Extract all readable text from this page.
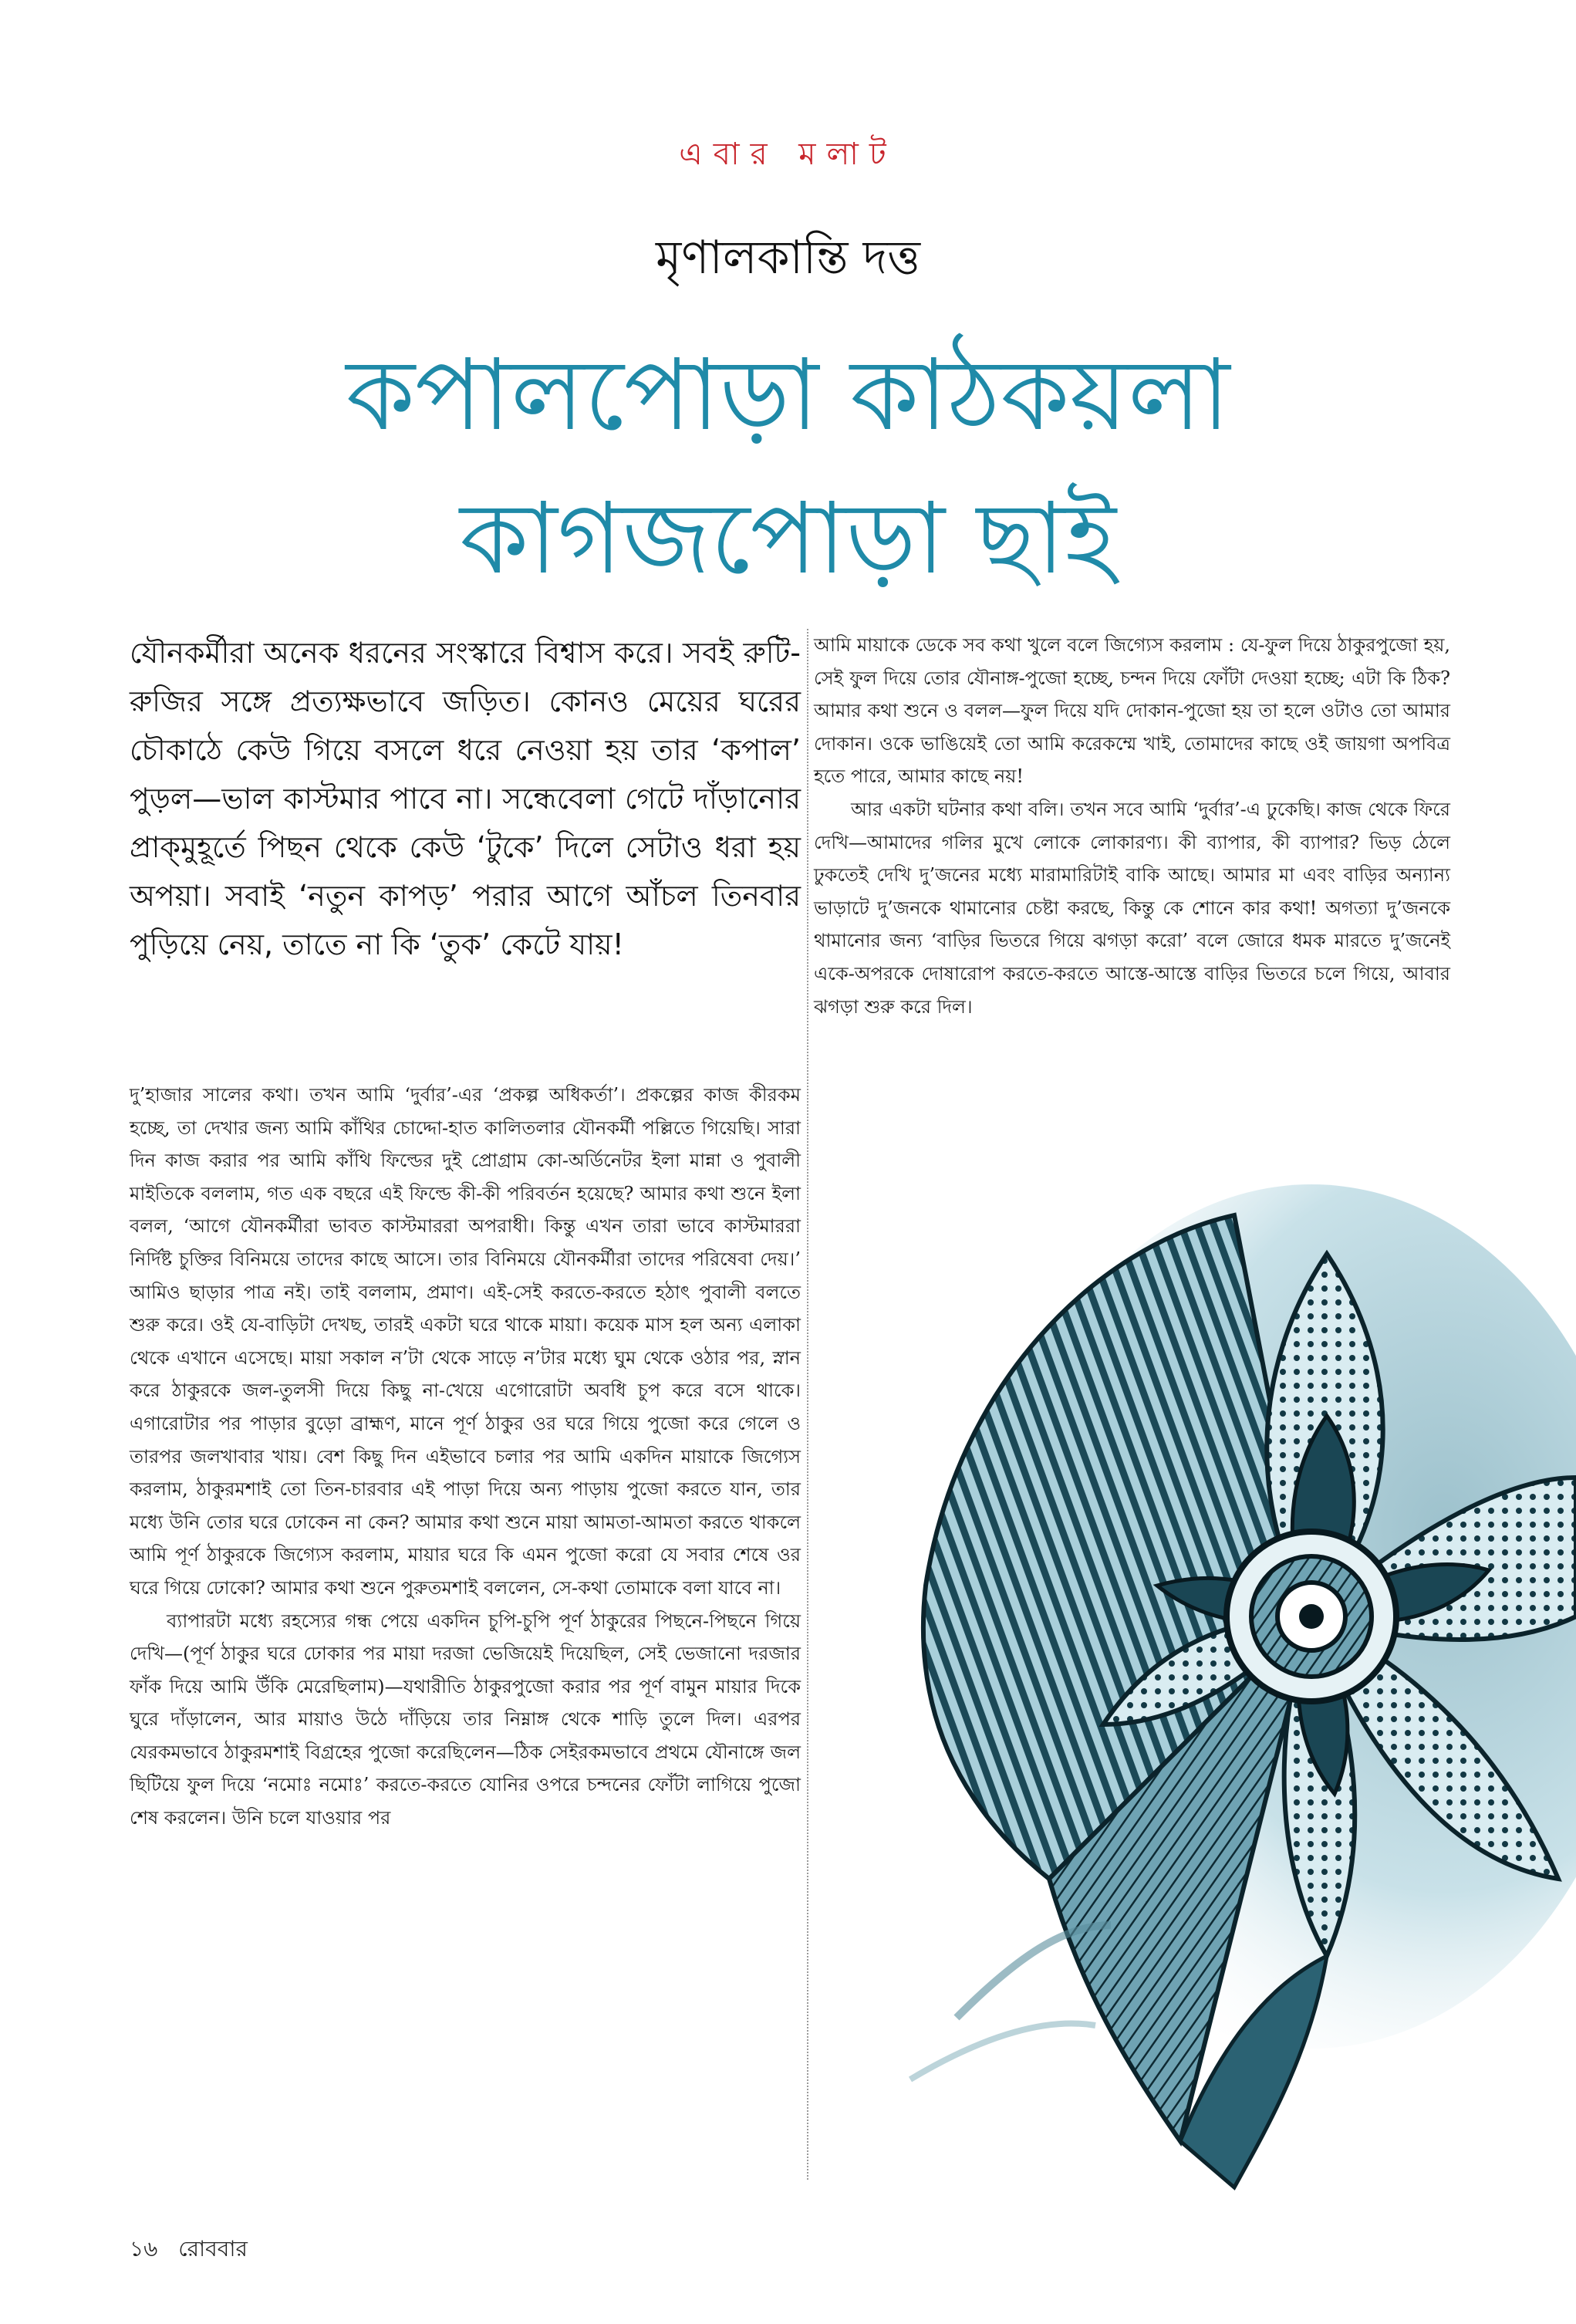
এবার মলাট
মৃণালকান্তি দত্ত
কপালপোড়া কাঠকয়লা
কাগজপোড়া ছাই

যৌনকর্মীরা অনেক ধরনের সংস্কারে বিশ্বাস করে। সবই রুটি-রুজির সঙ্গে প্রত্যক্ষভাবে জড়িত। কোনও মেয়ের ঘরের চৌকাঠে কেউ গিয়ে বসলে ধরে নেওয়া হয় তার ‘কপাল’ পুড়ল—ভাল কাস্টমার পাবে না। সন্ধেবেলা গেটে দাঁড়ানোর প্রাক্‌মুহূর্তে পিছন থেকে কেউ ‘টুকে’ দিলে সেটাও ধরা হয় অপয়া। সবাই ‘নতুন কাপড়’ পরার আগে আঁচল তিনবার পুড়িয়ে নেয়, তাতে না কি ‘তুক’ কেটে যায়!

দু’হাজার সালের কথা। তখন আমি ‘দুর্বার’-এর ‘প্রকল্প অধিকর্তা’। প্রকল্পের কাজ কীরকম হচ্ছে, তা দেখার জন্য আমি কাঁথির চোদ্দো-হাত কালিতলার যৌনকর্মী পল্লিতে গিয়েছি। সারা দিন কাজ করার পর আমি কাঁথি ফিল্ডের দুই প্রোগ্রাম কো-অর্ডিনেটর ইলা মান্না ও পুবালী মাইতিকে বললাম, গত এক বছরে এই ফিল্ডে কী-কী পরিবর্তন হয়েছে? আমার কথা শুনে ইলা বলল, ‘আগে যৌনকর্মীরা ভাবত কাস্টমাররা অপরাধী। কিন্তু এখন তারা ভাবে কাস্টমাররা নির্দিষ্ট চুক্তির বিনিময়ে তাদের কাছে আসে। তার বিনিময়ে যৌনকর্মীরা তাদের পরিষেবা দেয়।’ আমিও ছাড়ার পাত্র নই। তাই বললাম, প্রমাণ। এই-সেই করতে-করতে হঠাৎ পুবালী বলতে শুরু করে। ওই যে-বাড়িটা দেখছ, তারই একটা ঘরে থাকে মায়া। কয়েক মাস হল অন্য এলাকা থেকে এখানে এসেছে। মায়া সকাল ন’টা থেকে সাড়ে ন’টার মধ্যে ঘুম থেকে ওঠার পর, স্নান করে ঠাকুরকে জল-তুলসী দিয়ে কিছু না-খেয়ে এগোরোটা অবধি চুপ করে বসে থাকে। এগারোটার পর পাড়ার বুড়ো ব্রাহ্মণ, মানে পূর্ণ ঠাকুর ওর ঘরে গিয়ে পুজো করে গেলে ও তারপর জলখাবার খায়। বেশ কিছু দিন এইভাবে চলার পর আমি একদিন মায়াকে জিগ্যেস করলাম, ঠাকুরমশাই তো তিন-চারবার এই পাড়া দিয়ে অন্য পাড়ায় পুজো করতে যান, তার মধ্যে উনি তোর ঘরে ঢোকেন না কেন? আমার কথা শুনে মায়া আমতা-আমতা করতে থাকলে আমি পূর্ণ ঠাকুরকে জিগ্যেস করলাম, মায়ার ঘরে কি এমন পুজো করো যে সবার শেষে ওর ঘরে গিয়ে ঢোকো? আমার কথা শুনে পুরুতমশাই বললেন, সে-কথা তোমাকে বলা যাবে না।

ব্যাপারটা মধ্যে রহস্যের গন্ধ পেয়ে একদিন চুপি-চুপি পূর্ণ ঠাকুরের পিছনে-পিছনে গিয়ে দেখি—(পূর্ণ ঠাকুর ঘরে ঢোকার পর মায়া দরজা ভেজিয়েই দিয়েছিল, সেই ভেজানো দরজার ফাঁক দিয়ে আমি উঁকি মেরেছিলাম)—যথারীতি ঠাকুরপুজো করার পর পূর্ণ বামুন মায়ার দিকে ঘুরে দাঁড়ালেন, আর মায়াও উঠে দাঁড়িয়ে তার নিম্নাঙ্গ থেকে শাড়ি তুলে দিল। এরপর যেরকমভাবে ঠাকুরমশাই বিগ্রহের পুজো করেছিলেন—ঠিক সেইরকমভাবে প্রথমে যৌনাঙ্গে জল ছিটিয়ে ফুল দিয়ে ‘নমোঃ নমোঃ’ করতে-করতে যোনির ওপরে চন্দনের ফোঁটা লাগিয়ে পুজো শেষ করলেন। উনি চলে যাওয়ার পর

আমি মায়াকে ডেকে সব কথা খুলে বলে জিগ্যেস করলাম : যে-ফুল দিয়ে ঠাকুরপুজো হয়, সেই ফুল দিয়ে তোর যৌনাঙ্গ-পুজো হচ্ছে, চন্দন দিয়ে ফোঁটা দেওয়া হচ্ছে; এটা কি ঠিক? আমার কথা শুনে ও বলল—ফুল দিয়ে যদি দোকান-পুজো হয় তা হলে ওটাও তো আমার দোকান। ওকে ভাঙিয়েই তো আমি করেকম্মে খাই, তোমাদের কাছে ওই জায়গা অপবিত্র হতে পারে, আমার কাছে নয়!

আর একটা ঘটনার কথা বলি। তখন সবে আমি ‘দুর্বার’-এ ঢুকেছি। কাজ থেকে ফিরে দেখি—আমাদের গলির মুখে লোকে লোকারণ্য। কী ব্যাপার, কী ব্যাপার? ভিড় ঠেলে ঢুকতেই দেখি দু’জনের মধ্যে মারামারিটাই বাকি আছে। আমার মা এবং বাড়ির অন্যান্য ভাড়াটে দু’জনকে থামানোর চেষ্টা করছে, কিন্তু কে শোনে কার কথা! অগত্যা দু’জনকে থামানোর জন্য ‘বাড়ির ভিতরে গিয়ে ঝগড়া করো’ বলে জোরে ধমক মারতে দু’জনেই একে-অপরকে দোষারোপ করতে-করতে আস্তে-আস্তে বাড়ির ভিতরে চলে গিয়ে, আবার ঝগড়া শুরু করে দিল।

১৬ রোববার
